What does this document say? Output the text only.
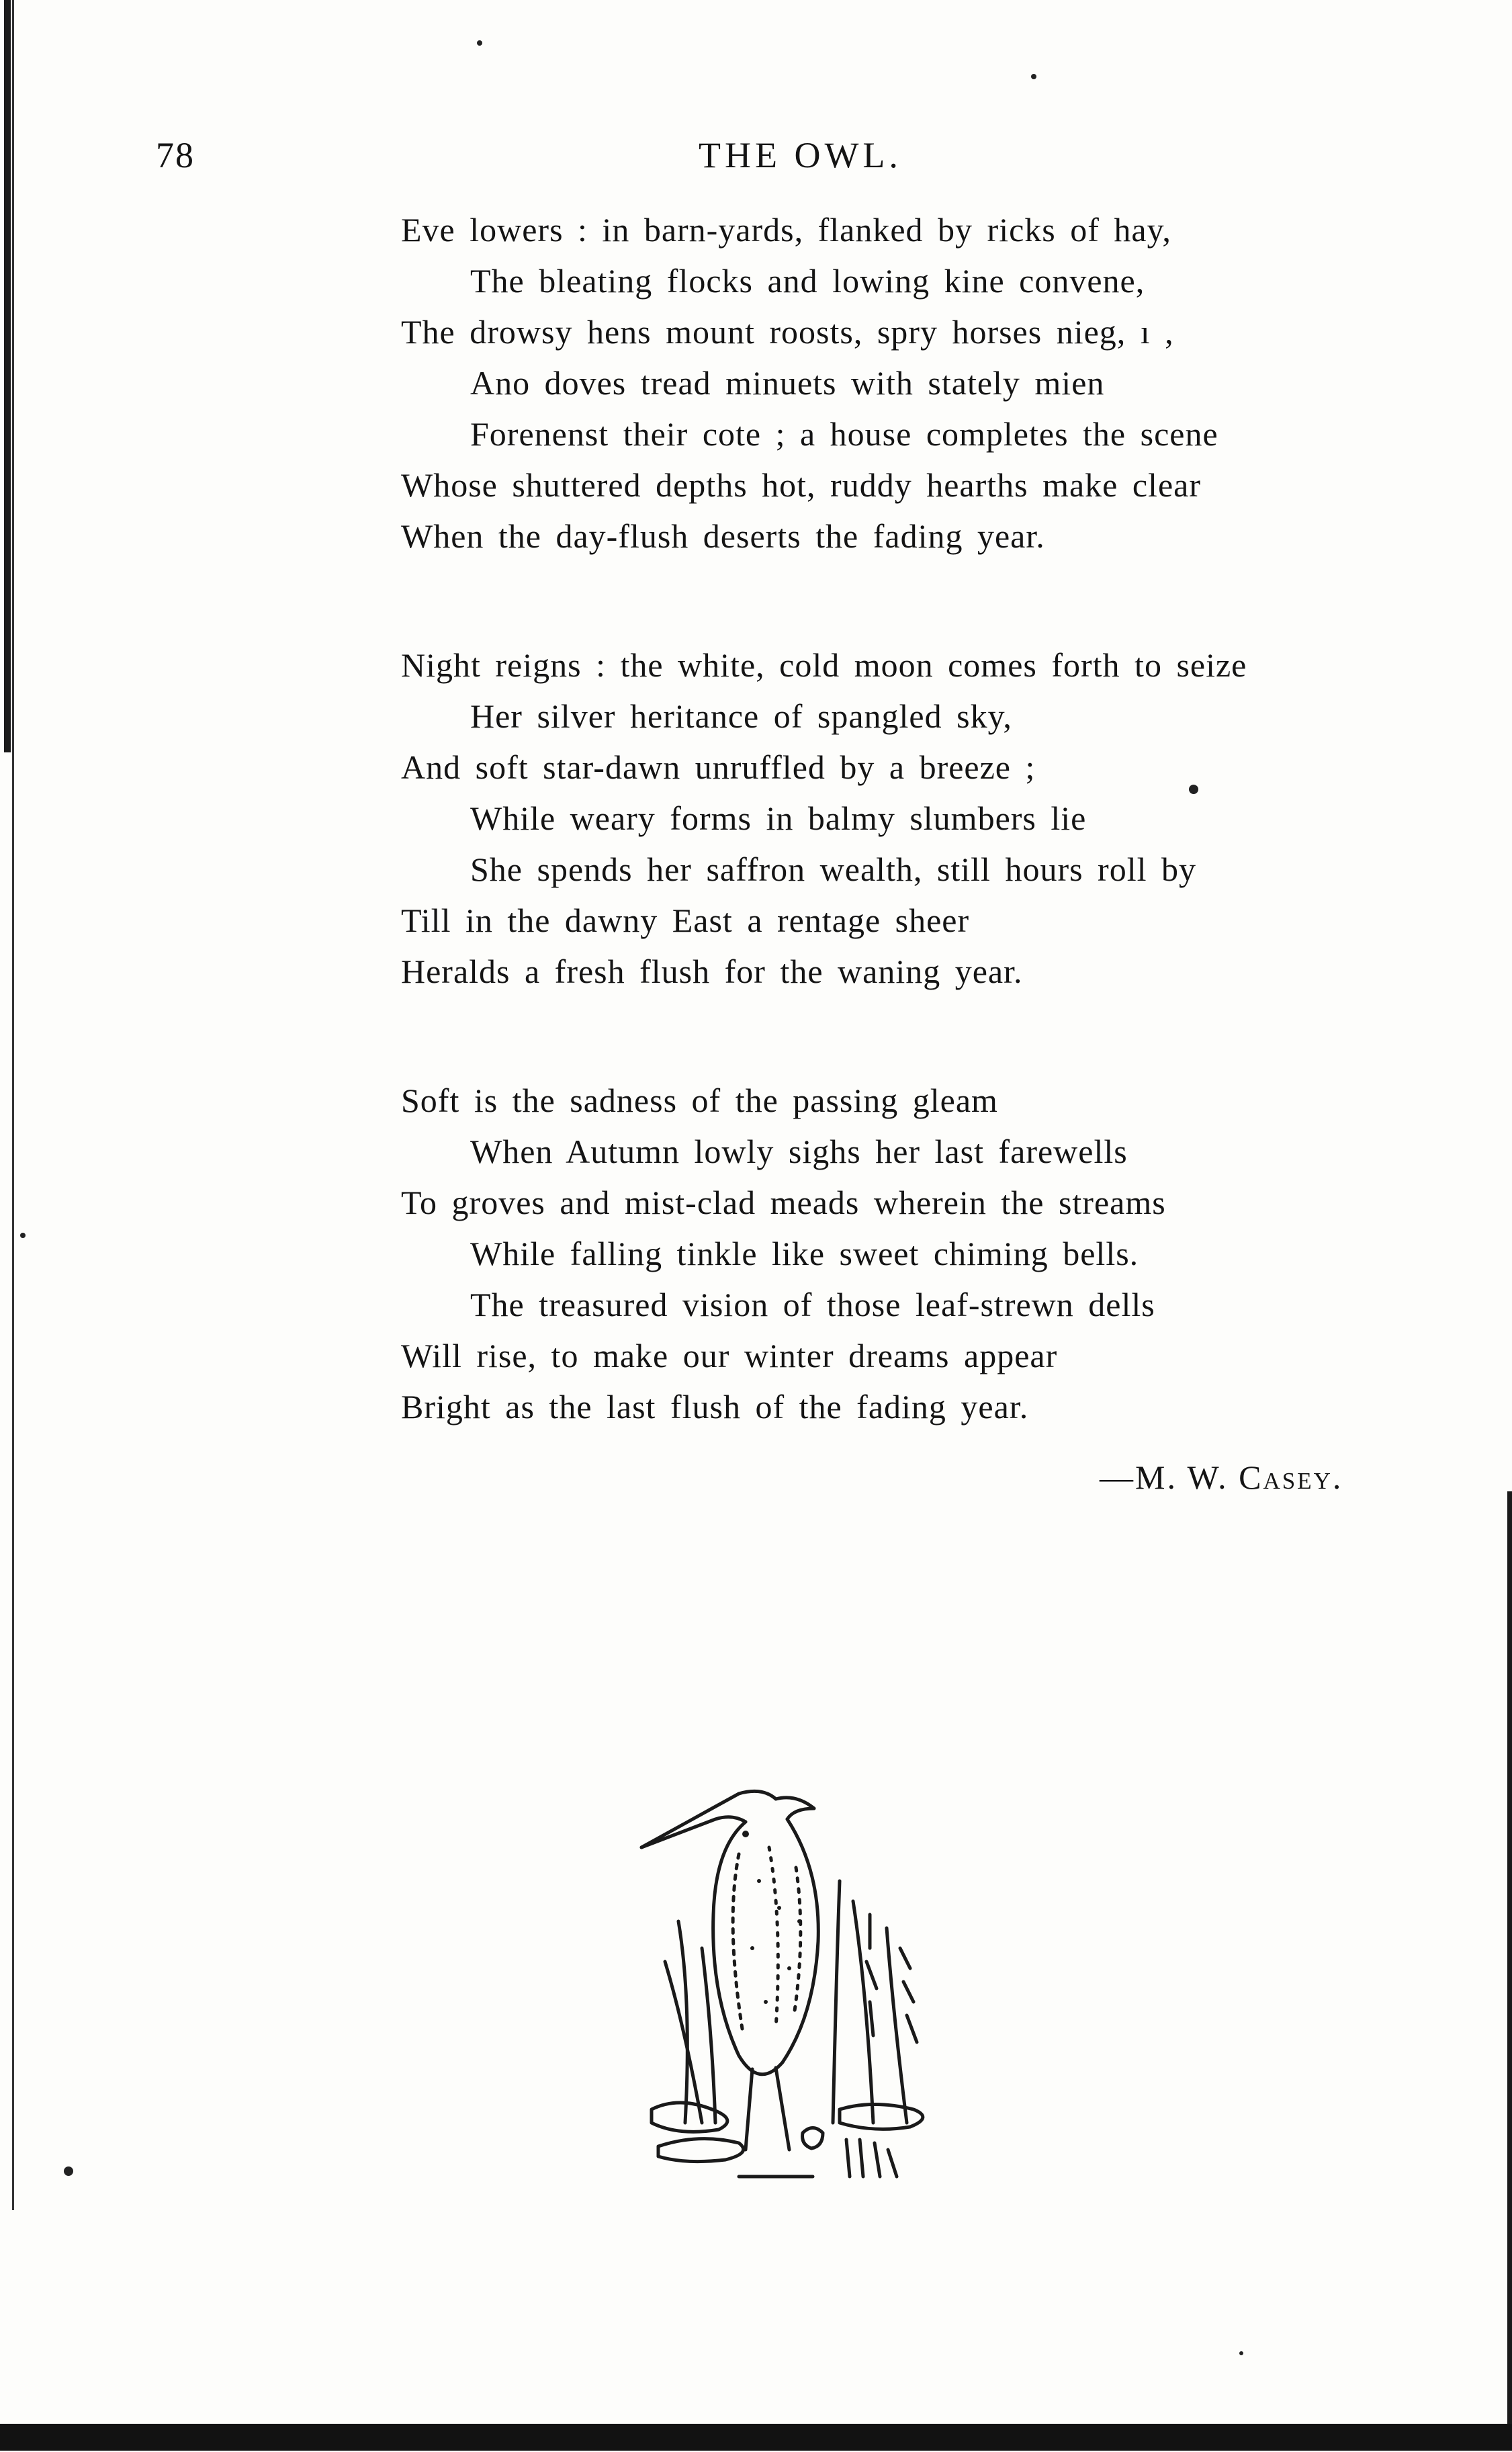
78	THE OWL.
Eve lowers : in barn-yards, flanked by ricks of hay,
The bleating flocks and lowing kine convene,
The drowsy hens mount roosts, spry horses nieg, ı ,
Ano doves tread minuets with stately mien
Forenenst their cote ; a house completes the scene
Whose shuttered depths hot, ruddy hearths make clear
When the day-flush deserts the fading year.
Night reigns : the white, cold moon comes forth to seize
Her silver heritance of spangled sky,
And soft star-dawn unruffled by a breeze ;
While weary forms in balmy slumbers lie
She spends her saffron wealth, still hours roll by
Till in the dawny East a rentage sheer
Heralds a fresh flush for the waning year.
Soft is the sadness of the passing gleam
When Autumn lowly sighs her last farewells
To groves and mist-clad meads wherein the streams
While falling tinkle like sweet chiming bells.
The treasured vision of those leaf-strewn dells
Will rise, to make our winter dreams appear
Bright as the last flush of the fading year.
—M. W. Casey.
